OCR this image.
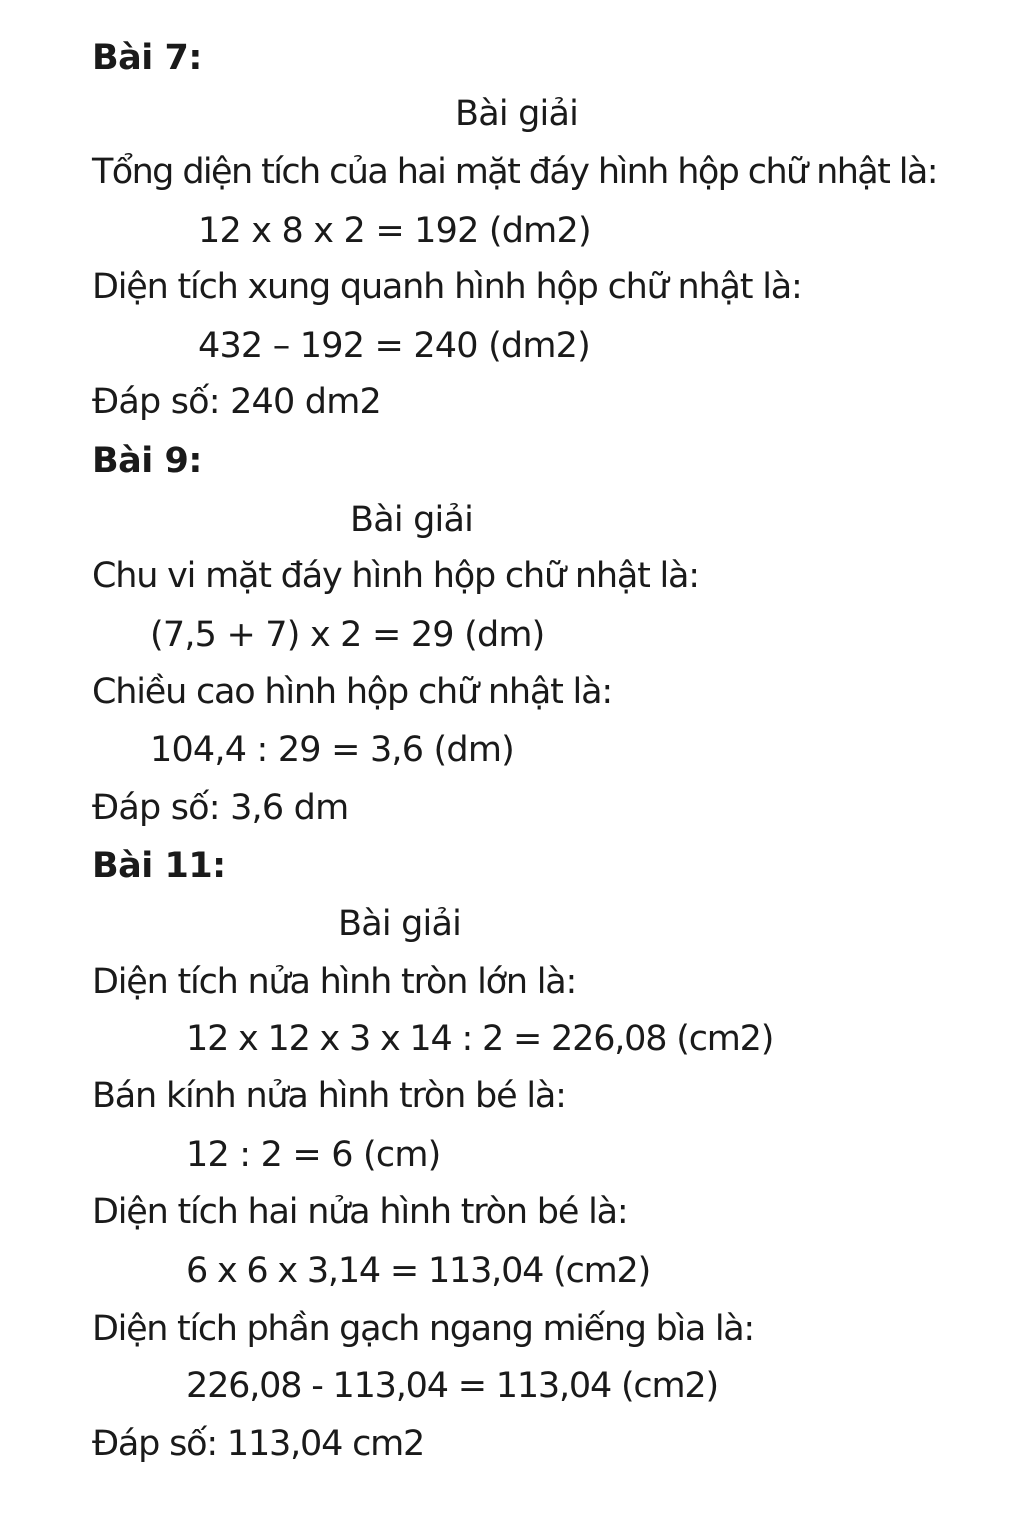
Bài 7:
Bài giải
Tổng diện tích của hai mặt đáy hình hộp chữ nhật là:
12 x 8 x 2 = 192 (dm2)
Diện tích xung quanh hình hộp chữ nhật là:
432 – 192 = 240 (dm2)
Đáp số: 240 dm2
Bài 9:
Bài giải
Chu vi mặt đáy hình hộp chữ nhật là:
(7,5 + 7) x 2 = 29 (dm)
Chiều cao hình hộp chữ nhật là:
104,4 : 29 = 3,6 (dm)
Đáp số: 3,6 dm
Bài 11:
Bài giải
Diện tích nửa hình tròn lớn là:
12 x 12 x 3 x 14 : 2 = 226,08 (cm2)
Bán kính nửa hình tròn bé là:
12 : 2 = 6 (cm)
Diện tích hai nửa hình tròn bé là:
6 x 6 x 3,14 = 113,04 (cm2)
Diện tích phần gạch ngang miếng bìa là:
226,08 - 113,04 = 113,04 (cm2)
Đáp số: 113,04 cm2
